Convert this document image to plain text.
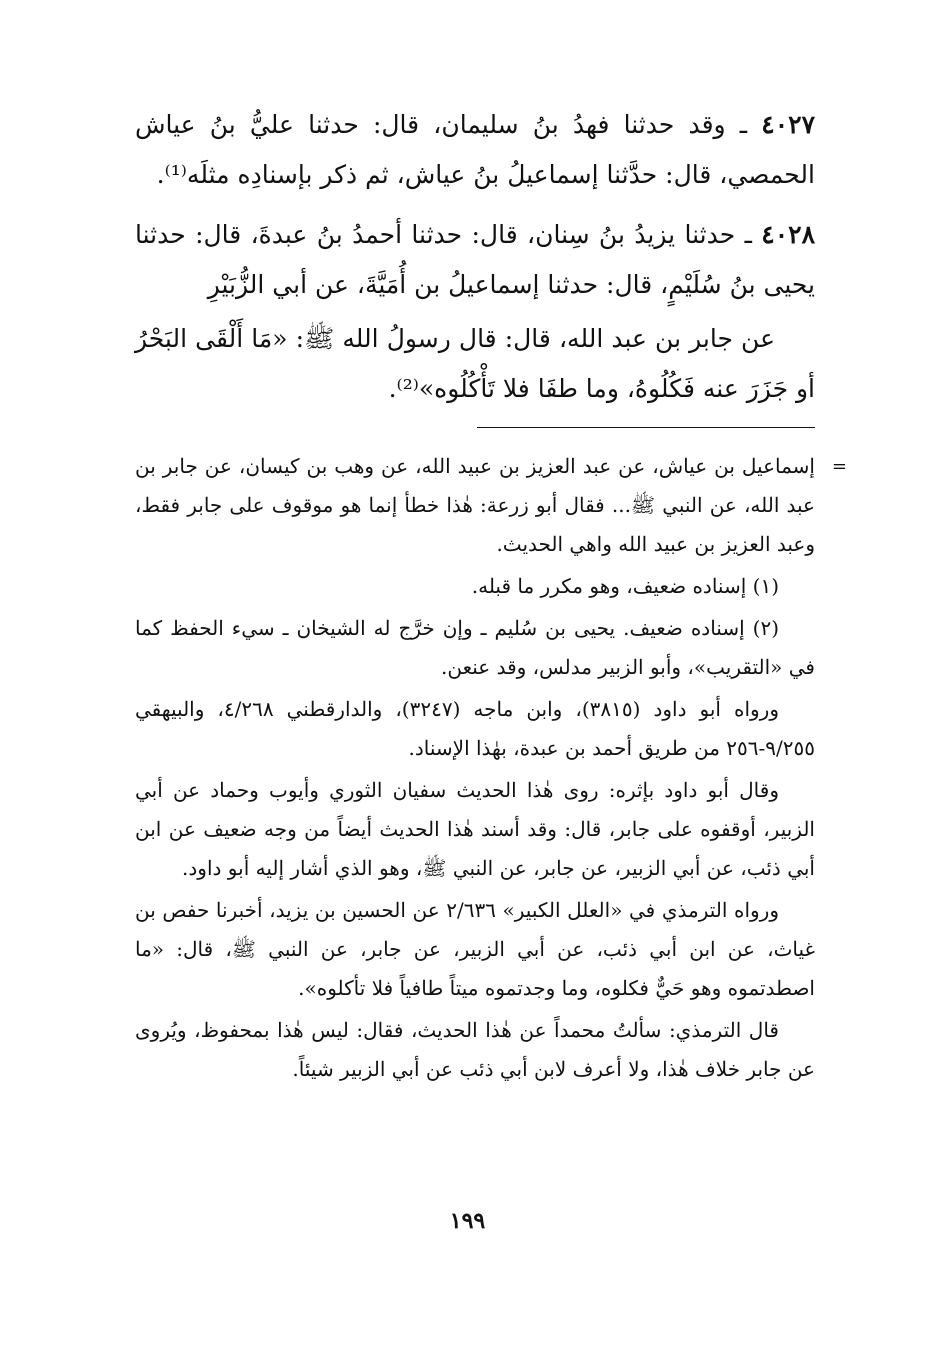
٤٠٢٧ ـ وقد حدثنا فهدُ بنُ سليمان، قال: حدثنا عليُّ بنُ عياش الحمصي، قال: حدَّثنا إسماعيلُ بنُ عياش، ثم ذكر بإسنادِه مثلَه⁽¹⁾.

٤٠٢٨ ـ حدثنا يزيدُ بنُ سِنان، قال: حدثنا أحمدُ بنُ عبدةَ، قال: حدثنا يحيى بنُ سُلَيْمٍ، قال: حدثنا إسماعيلُ بن أُمَيَّةَ، عن أبي الزُّبَيْرِ

عن جابر بن عبد الله، قال: قال رسولُ الله ﷺ: «مَا أَلْقَى البَحْرُ أو جَزَرَ عنه فَكُلُوهُ، وما طفَا فلا تَأْكُلُوه»⁽²⁾.

=

إسماعيل بن عياش، عن عبد العزيز بن عبيد الله، عن وهب بن كيسان، عن جابر بن عبد الله، عن النبي ﷺ... فقال أبو زرعة: هٰذا خطأ إنما هو موقوف على جابر فقط، وعبد العزيز بن عبيد الله واهي الحديث.

(١) إسناده ضعيف، وهو مكرر ما قبله.

(٢) إسناده ضعيف. يحيى بن سُليم ـ وإن خرَّج له الشيخان ـ سيء الحفظ كما في «التقريب»، وأبو الزبير مدلس، وقد عنعن.

ورواه أبو داود (٣٨١٥)، وابن ماجه (٣٢٤٧)، والدارقطني ٤/٢٦٨، والبيهقي ٩/٢٥٥-٢٥٦ من طريق أحمد بن عبدة، بهٰذا الإسناد.

وقال أبو داود بإثره: روى هٰذا الحديث سفيان الثوري وأيوب وحماد عن أبي الزبير، أوقفوه على جابر، قال: وقد أسند هٰذا الحديث أيضاً من وجه ضعيف عن ابن أبي ذئب، عن أبي الزبير، عن جابر، عن النبي ﷺ، وهو الذي أشار إليه أبو داود.

ورواه الترمذي في «العلل الكبير» ٢/٦٣٦ عن الحسين بن يزيد، أخبرنا حفص بن غياث، عن ابن أبي ذئب، عن أبي الزبير، عن جابر، عن النبي ﷺ، قال: «ما اصطدتموه وهو حَيٌّ فكلوه، وما وجدتموه ميتاً طافياً فلا تأكلوه».

قال الترمذي: سألتُ محمداً عن هٰذا الحديث، فقال: ليس هٰذا بمحفوظ، ويُروى عن جابر خلاف هٰذا، ولا أعرف لابن أبي ذئب عن أبي الزبير شيئاً.

١٩٩
